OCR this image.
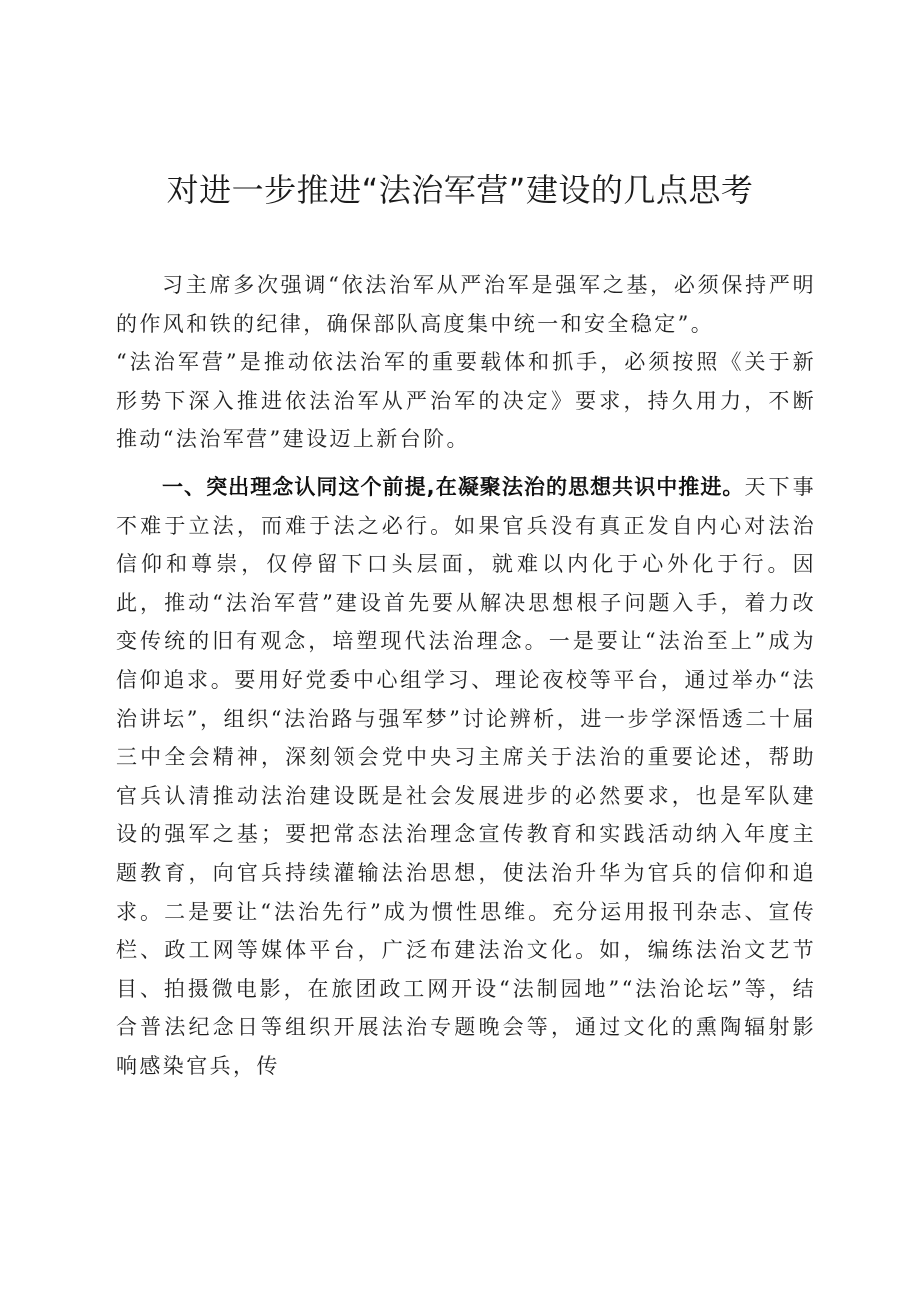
对进一步推进“法治军营”建设的几点思考

习主席多次强调“依法治军从严治军是强军之基，必须保持严明的作风和铁的纪律，确保部队高度集中统一和安全稳定”。

“法治军营”是推动依法治军的重要载体和抓手，必须按照《关于新形势下深入推进依法治军从严治军的决定》要求，持久用力，不断推动“法治军营”建设迈上新台阶。

一、突出理念认同这个前提,在凝聚法治的思想共识中推进。天下事不难于立法，而难于法之必行。如果官兵没有真正发自内心对法治信仰和尊崇，仅停留下口头层面，就难以内化于心外化于行。因此，推动“法治军营”建设首先要从解决思想根子问题入手，着力改变传统的旧有观念，培塑现代法治理念。一是要让“法治至上”成为信仰追求。要用好党委中心组学习、理论夜校等平台，通过举办“法治讲坛”，组织“法治路与强军梦”讨论辨析，进一步学深悟透二十届三中全会精神，深刻领会党中央习主席关于法治的重要论述，帮助官兵认清推动法治建设既是社会发展进步的必然要求，也是军队建设的强军之基；要把常态法治理念宣传教育和实践活动纳入年度主题教育，向官兵持续灌输法治思想，使法治升华为官兵的信仰和追求。二是要让“法治先行”成为惯性思维。充分运用报刊杂志、宣传栏、政工网等媒体平台，广泛布建法治文化。如，编练法治文艺节目、拍摄微电影，在旅团政工网开设“法制园地”“法治论坛”等，结合普法纪念日等组织开展法治专题晚会等，通过文化的熏陶辐射影响感染官兵，传
